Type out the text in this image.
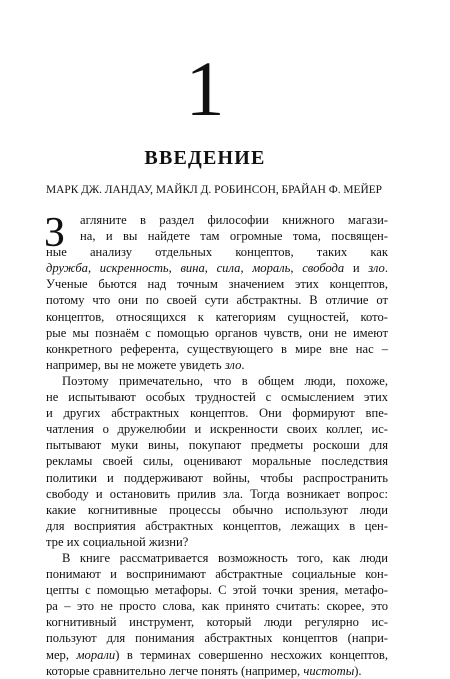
1
ВВЕДЕНИЕ
МАРК ДЖ. ЛАНДАУ, МАЙКЛ Д. РОБИНСОН, БРАЙАН Ф. МЕЙЕР
З	аглянитe в раздел философии книжного магази-
на, и вы найдете там огромные тома, посвящен-
ные анализу отдельных концептов, таких как
дружба, искренность, вина, сила, мораль, свобода и зло.
Ученые бьются над точным значением этих концептов,
потому что они по своей сути абстрактны. В отличие от
концептов, относящихся к категориям сущностей, кото-
рые мы познаём с помощью органов чувств, они не имеют
конкретного референта, существующего в мире вне нас –
например, вы не можете увидеть зло.
Поэтому примечательно, что в общем люди, похоже,
не испытывают особых трудностей с осмыслением этих
и других абстрактных концептов. Они формируют впе-
чатления о дружелюбии и искренности своих коллег, ис-
пытывают муки вины, покупают предметы роскоши для
рекламы своей силы, оценивают моральные последствия
политики и поддерживают войны, чтобы распространить
свободу и остановить прилив зла. Тогда возникает вопрос:
какие когнитивные процессы обычно используют люди
для восприятия абстрактных концептов, лежащих в цен-
тре их социальной жизни?
В книге рассматривается возможность того, как люди
понимают и воспринимают абстрактные социальные кон-
цепты с помощью метафоры. С этой точки зрения, метафо-
ра – это не просто слова, как принято считать: скорее, это
когнитивный инструмент, который люди регулярно ис-
пользуют для понимания абстрактных концептов (напри-
мер, морали) в терминах совершенно несхожих концептов,
которые сравнительно легче понять (например, чистоты).
